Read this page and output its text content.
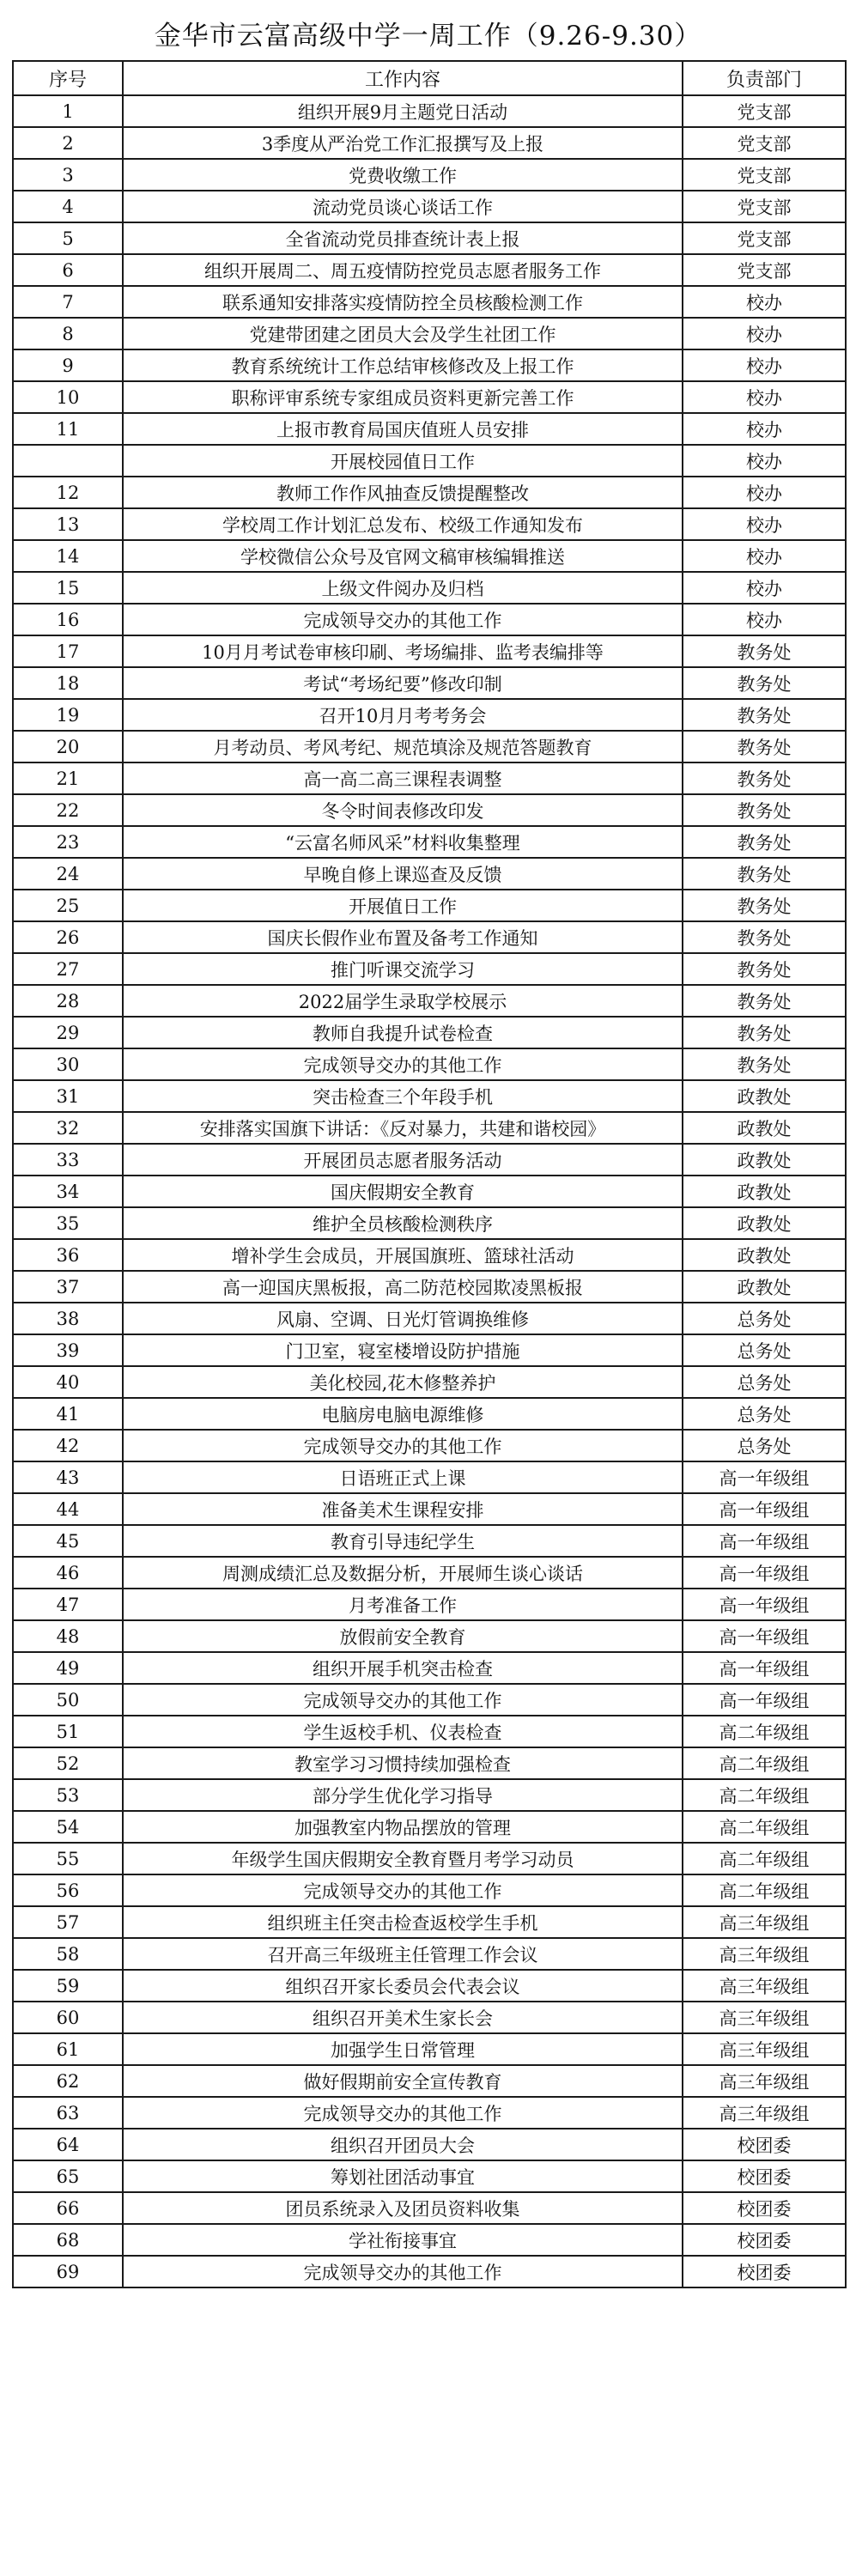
金华市云富高级中学一周工作（9.26-9.30）
序号	工作内容	负责部门
1	组织开展9月主题党日活动	党支部
2	3季度从严治党工作汇报撰写及上报	党支部
3	党费收缴工作	党支部
4	流动党员谈心谈话工作	党支部
5	全省流动党员排查统计表上报	党支部
6	组织开展周二、周五疫情防控党员志愿者服务工作	党支部
7	联系通知安排落实疫情防控全员核酸检测工作	校办
8	党建带团建之团员大会及学生社团工作	校办
9	教育系统统计工作总结审核修改及上报工作	校办
10	职称评审系统专家组成员资料更新完善工作	校办
11	上报市教育局国庆值班人员安排	校办
	开展校园值日工作	校办
12	教师工作作风抽查反馈提醒整改	校办
13	学校周工作计划汇总发布、校级工作通知发布	校办
14	学校微信公众号及官网文稿审核编辑推送	校办
15	上级文件阅办及归档	校办
16	完成领导交办的其他工作	校办
17	10月月考试卷审核印刷、考场编排、监考表编排等	教务处
18	考试“考场纪要”修改印制	教务处
19	召开10月月考考务会	教务处
20	月考动员、考风考纪、规范填涂及规范答题教育	教务处
21	高一高二高三课程表调整	教务处
22	冬令时间表修改印发	教务处
23	“云富名师风采”材料收集整理	教务处
24	早晚自修上课巡查及反馈	教务处
25	开展值日工作	教务处
26	国庆长假作业布置及备考工作通知	教务处
27	推门听课交流学习	教务处
28	2022届学生录取学校展示	教务处
29	教师自我提升试卷检查	教务处
30	完成领导交办的其他工作	教务处
31	突击检查三个年段手机	政教处
32	安排落实国旗下讲话：《反对暴力，共建和谐校园》	政教处
33	开展团员志愿者服务活动	政教处
34	国庆假期安全教育	政教处
35	维护全员核酸检测秩序	政教处
36	增补学生会成员，开展国旗班、篮球社活动	政教处
37	高一迎国庆黑板报，高二防范校园欺凌黑板报	政教处
38	风扇、空调、日光灯管调换维修	总务处
39	门卫室，寝室楼增设防护措施	总务处
40	美化校园,花木修整养护	总务处
41	电脑房电脑电源维修	总务处
42	完成领导交办的其他工作	总务处
43	日语班正式上课	高一年级组
44	准备美术生课程安排	高一年级组
45	教育引导违纪学生	高一年级组
46	周测成绩汇总及数据分析，开展师生谈心谈话	高一年级组
47	月考准备工作	高一年级组
48	放假前安全教育	高一年级组
49	组织开展手机突击检查	高一年级组
50	完成领导交办的其他工作	高一年级组
51	学生返校手机、仪表检查	高二年级组
52	教室学习习惯持续加强检查	高二年级组
53	部分学生优化学习指导	高二年级组
54	加强教室内物品摆放的管理	高二年级组
55	年级学生国庆假期安全教育暨月考学习动员	高二年级组
56	完成领导交办的其他工作	高二年级组
57	组织班主任突击检查返校学生手机	高三年级组
58	召开高三年级班主任管理工作会议	高三年级组
59	组织召开家长委员会代表会议	高三年级组
60	组织召开美术生家长会	高三年级组
61	加强学生日常管理	高三年级组
62	做好假期前安全宣传教育	高三年级组
63	完成领导交办的其他工作	高三年级组
64	组织召开团员大会	校团委
65	筹划社团活动事宜	校团委
66	团员系统录入及团员资料收集	校团委
68	学社衔接事宜	校团委
69	完成领导交办的其他工作	校团委
